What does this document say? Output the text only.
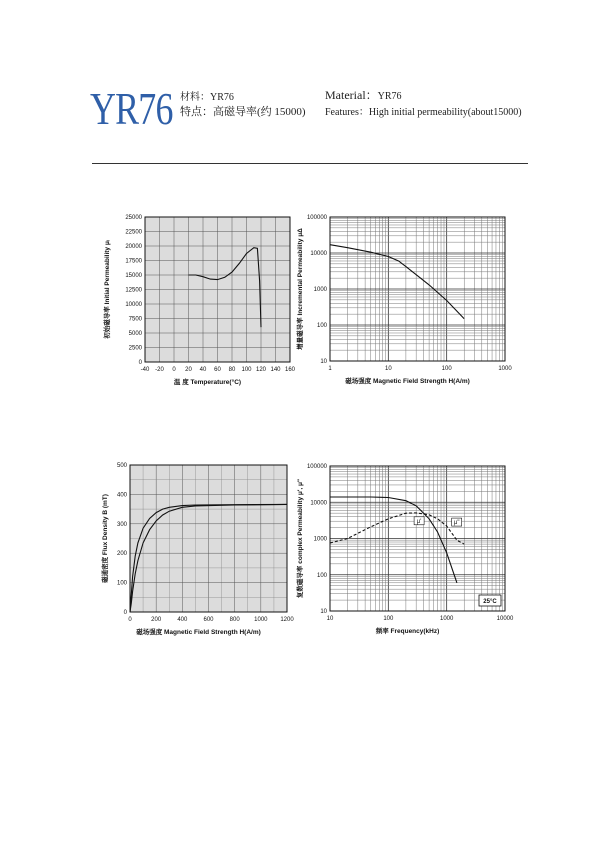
YR76 材料：YR76
特点：高磁导率(约 15000)
Material：YR76
Features：High initial permeability(about15000)
-40 -20 0 20 40 60 80 100 120 140 160
0
2500
5000
7500
10000
12500
15000
17500
20000
22500
25000
温 度 Temperature(°C)
初始磁导率 Initial Permeability μᵢ
1	10	100	1000
10
100
1000
10000
100000
磁场强度 Magnetic Field Strength H(A/m)
增量磁导率 Incremental Permeability μΔ
0	200	400	600	800 1000 1200
0
100
200
300
400
500
磁场强度 Magnetic Field Strength H(A/m)
磁通密度 Flux Density B (mT)
10	100	1000	10000
10
100
1000
10000
100000
频率 Frequency(kHz)
复数磁导率 complex Permeability μ', μ"	μ'	μ"
25°C
